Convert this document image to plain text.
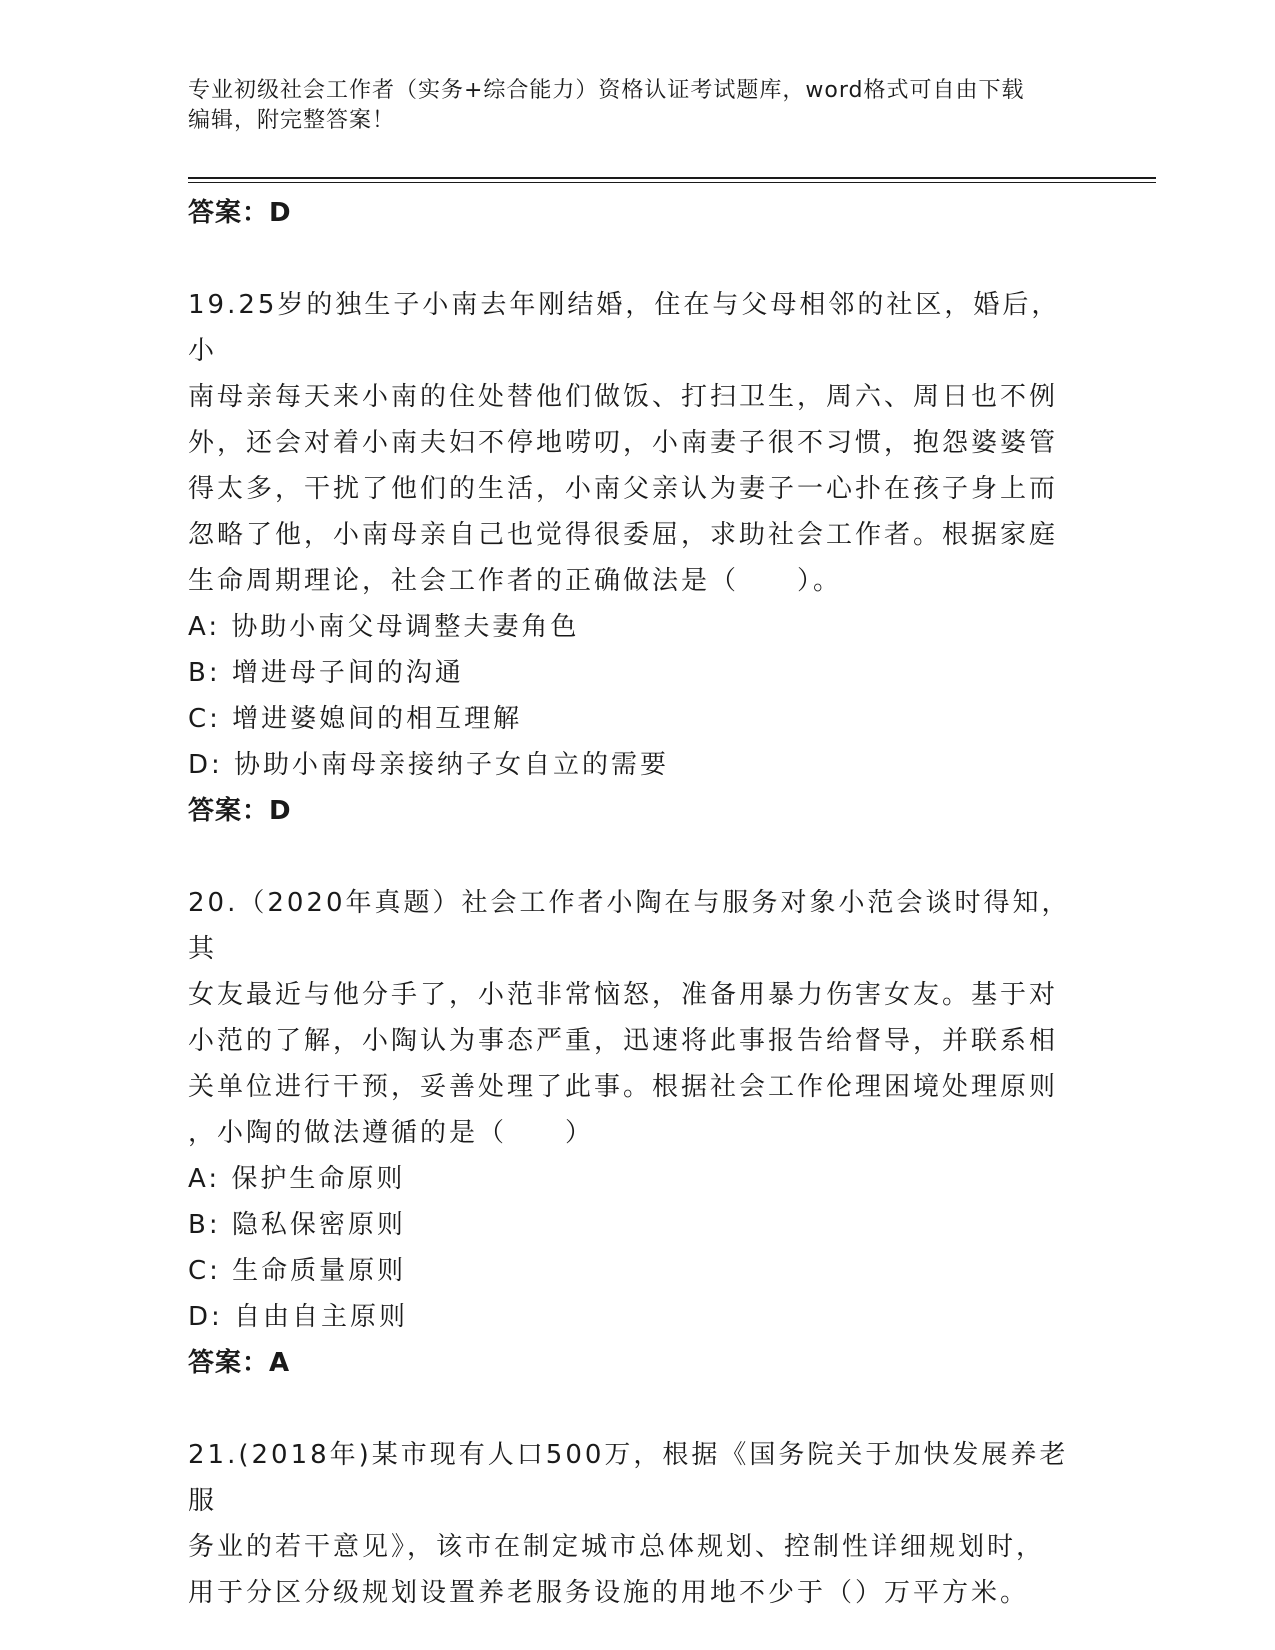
专业初级社会工作者（实务+综合能力）资格认证考试题库，word格式可自由下载
编辑，附完整答案！
答案：D
19.25岁的独生子小南去年刚结婚，住在与父母相邻的社区，婚后，小
南母亲每天来小南的住处替他们做饭、打扫卫生，周六、周日也不例
外，还会对着小南夫妇不停地唠叨，小南妻子很不习惯，抱怨婆婆管
得太多，干扰了他们的生活，小南父亲认为妻子一心扑在孩子身上而
忽略了他，小南母亲自己也觉得很委屈，求助社会工作者。根据家庭
生命周期理论，社会工作者的正确做法是（　　）。
A: 协助小南父母调整夫妻角色
B: 增进母子间的沟通
C: 增进婆媳间的相互理解
D: 协助小南母亲接纳子女自立的需要
答案：D
20.（2020年真题）社会工作者小陶在与服务对象小范会谈时得知，其
女友最近与他分手了，小范非常恼怒，准备用暴力伤害女友。基于对
小范的了解，小陶认为事态严重，迅速将此事报告给督导，并联系相
关单位进行干预，妥善处理了此事。根据社会工作伦理困境处理原则
，小陶的做法遵循的是（　　）
A: 保护生命原则
B: 隐私保密原则
C: 生命质量原则
D: 自由自主原则
答案：A
21.(2018年)某市现有人口500万，根据《国务院关于加快发展养老服
务业的若干意见》，该市在制定城市总体规划、控制性详细规划时，
用于分区分级规划设置养老服务设施的用地不少于（）万平方米。
